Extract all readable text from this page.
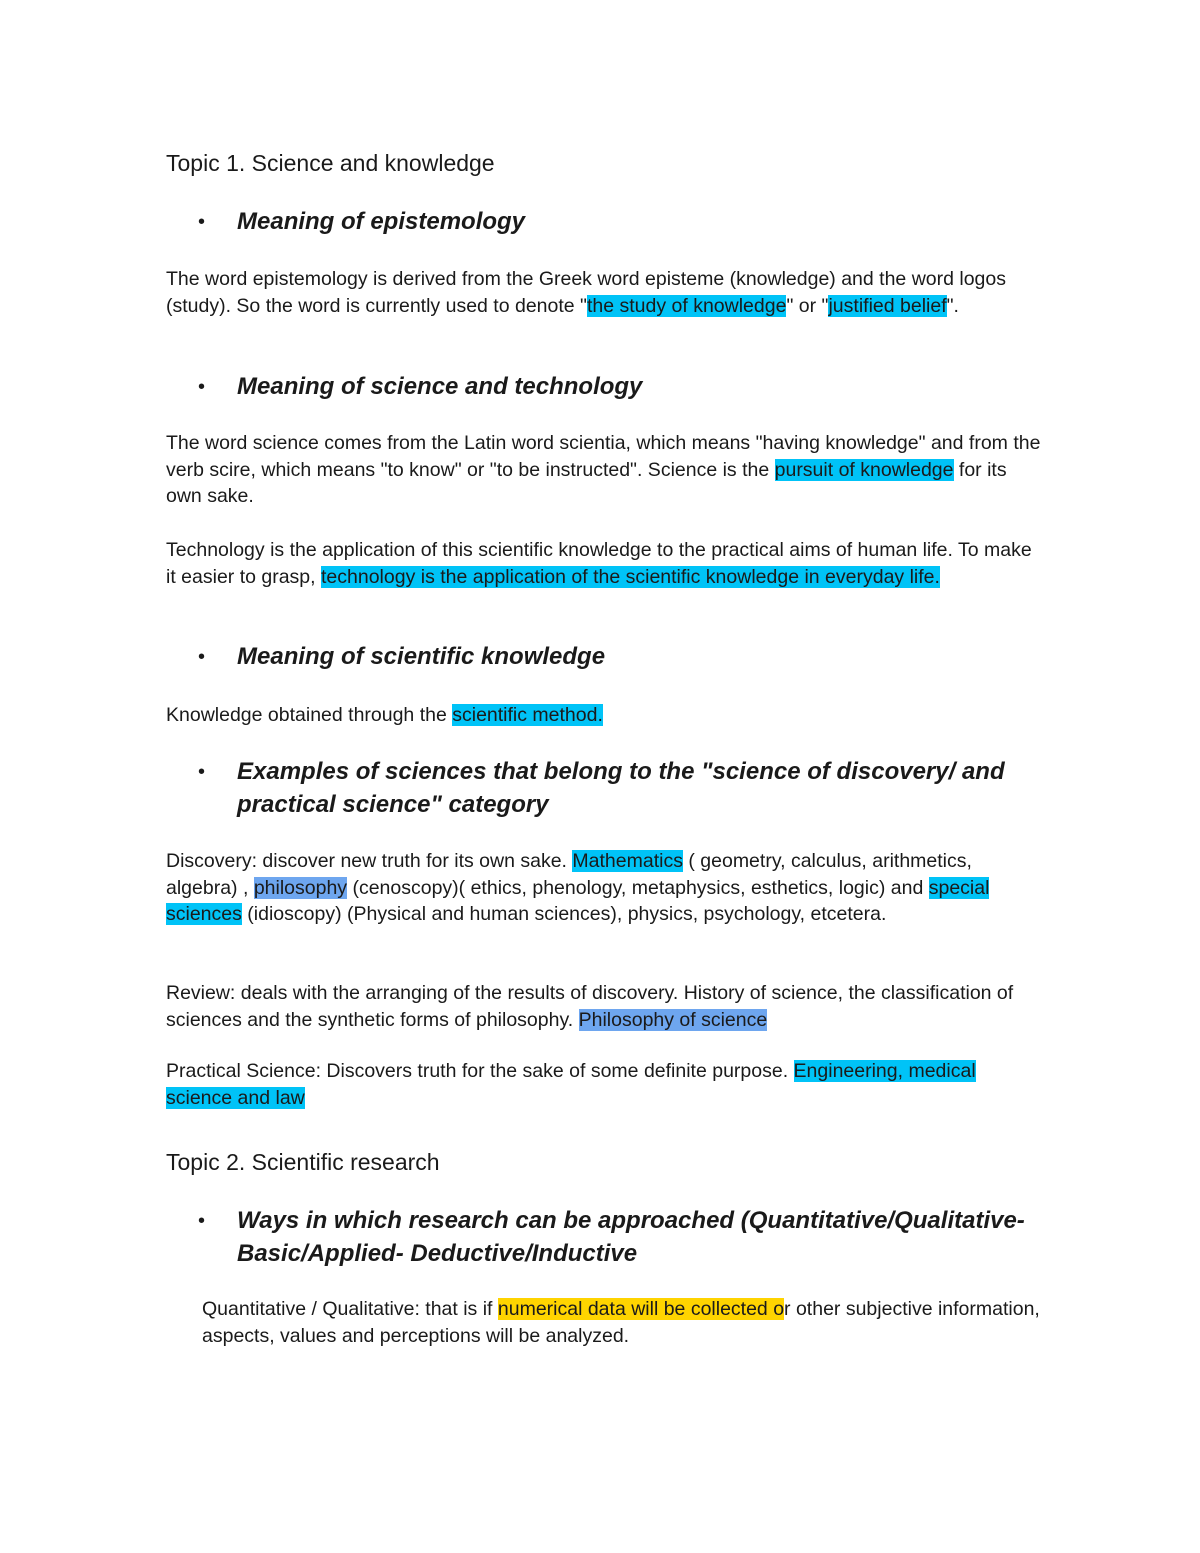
Topic 1. Science and knowledge
• Meaning of epistemology

The word epistemology is derived from the Greek word episteme (knowledge) and the word logos (study). So the word is currently used to denote "the study of knowledge" or "justified belief".

• Meaning of science and technology

The word science comes from the Latin word scientia, which means "having knowledge" and from the verb scire, which means "to know" or "to be instructed". Science is the pursuit of knowledge for its own sake.

Technology is the application of this scientific knowledge to the practical aims of human life. To make it easier to grasp, technology is the application of the scientific knowledge in everyday life.

• Meaning of scientific knowledge

Knowledge obtained through the scientific method.

• Examples of sciences that belong to the "science of discovery/ and practical science" category

Discovery: discover new truth for its own sake. Mathematics ( geometry, calculus, arithmetics, algebra) , philosophy (cenoscopy)( ethics, phenology, metaphysics, esthetics, logic) and special sciences (idioscopy) (Physical and human sciences), physics, psychology, etcetera.

Review: deals with the arranging of the results of discovery. History of science, the classification of sciences and the synthetic forms of philosophy. Philosophy of science

Practical Science: Discovers truth for the sake of some definite purpose. Engineering, medical science and law

Topic 2. Scientific research
• Ways in which research can be approached (Quantitative/Qualitative- Basic/Applied- Deductive/Inductive

Quantitative / Qualitative: that is if numerical data will be collected or other subjective information, aspects, values and perceptions will be analyzed.
